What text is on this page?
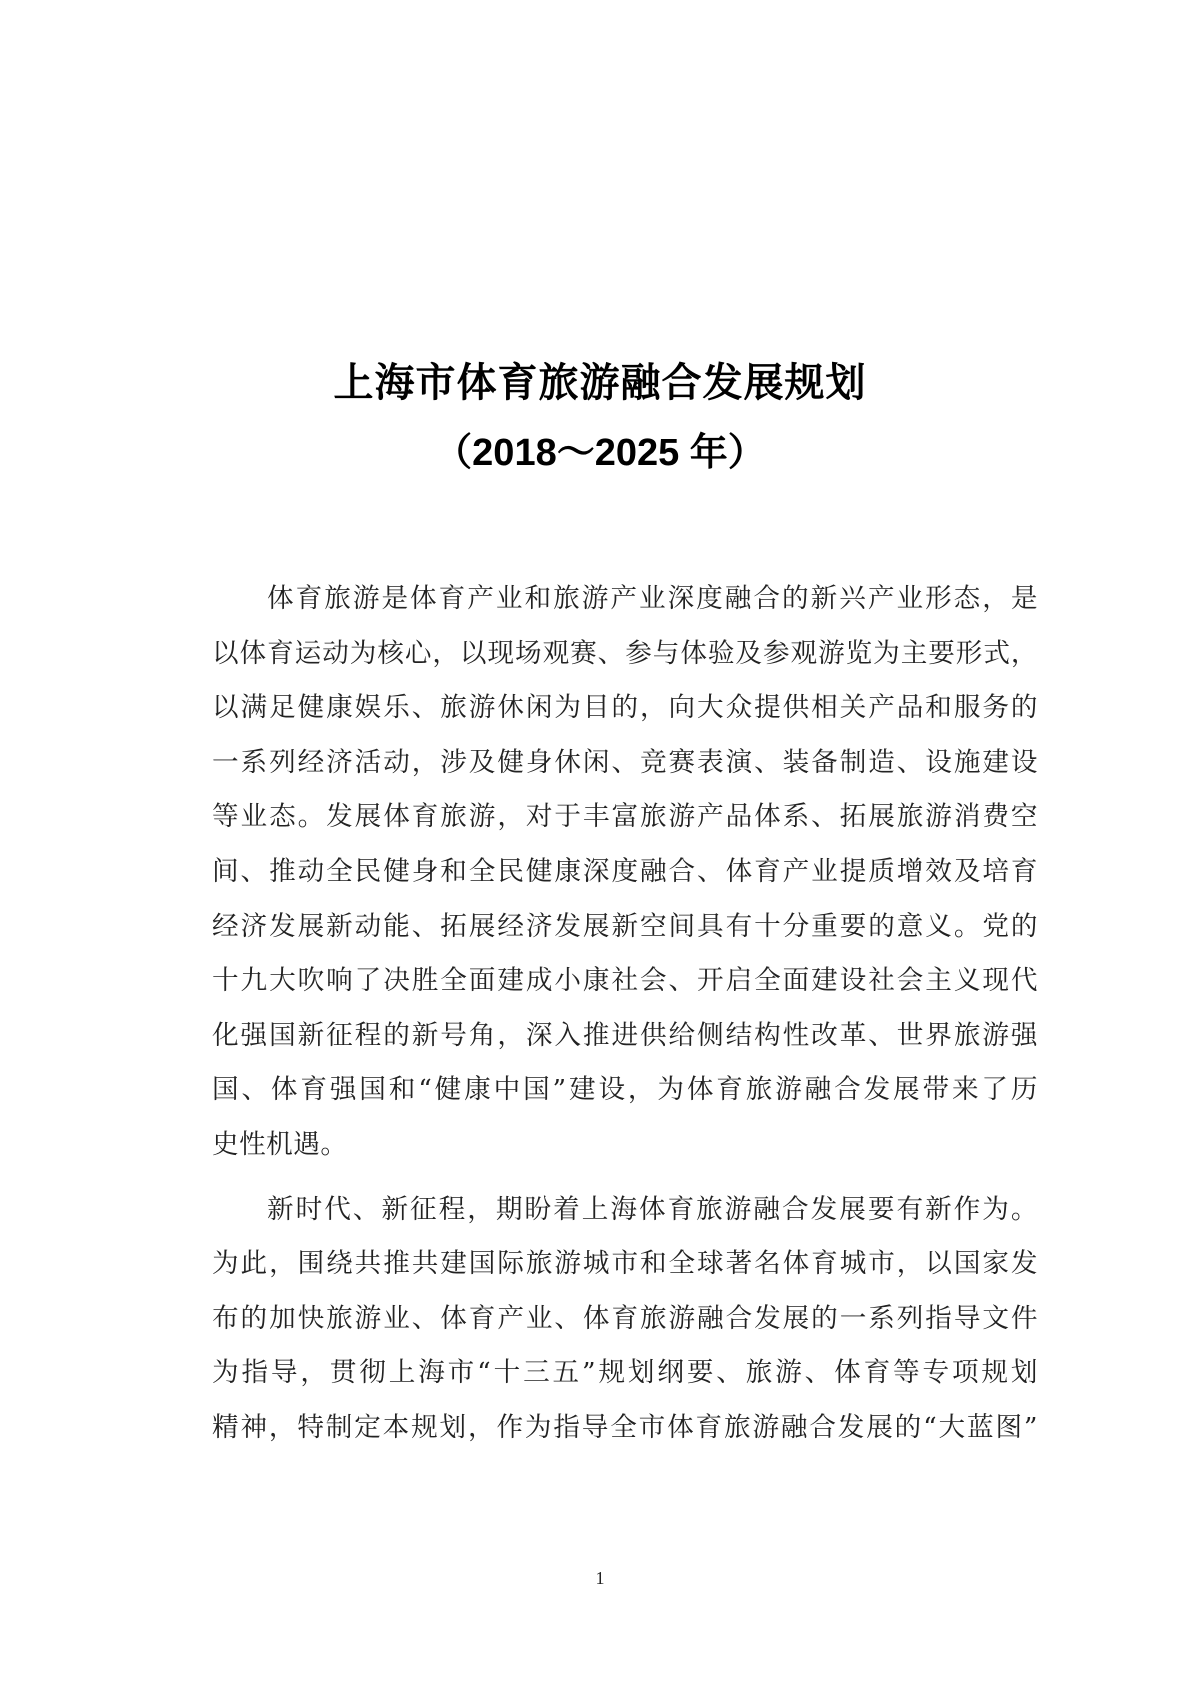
上海市体育旅游融合发展规划
（2018～2025 年）
体育旅游是体育产业和旅游产业深度融合的新兴产业形态，是
以体育运动为核心，以现场观赛、参与体验及参观游览为主要形式，
以满足健康娱乐、旅游休闲为目的，向大众提供相关产品和服务的
一系列经济活动，涉及健身休闲、竞赛表演、装备制造、设施建设
等业态。发展体育旅游，对于丰富旅游产品体系、拓展旅游消费空
间、推动全民健身和全民健康深度融合、体育产业提质增效及培育
经济发展新动能、拓展经济发展新空间具有十分重要的意义。党的
十九大吹响了决胜全面建成小康社会、开启全面建设社会主义现代
化强国新征程的新号角，深入推进供给侧结构性改革、世界旅游强
国、体育强国和“健康中国”建设，为体育旅游融合发展带来了历
史性机遇。
新时代、新征程，期盼着上海体育旅游融合发展要有新作为。
为此，围绕共推共建国际旅游城市和全球著名体育城市，以国家发
布的加快旅游业、体育产业、体育旅游融合发展的一系列指导文件
为指导，贯彻上海市“十三五”规划纲要、旅游、体育等专项规划
精神，特制定本规划，作为指导全市体育旅游融合发展的“大蓝图”
1
